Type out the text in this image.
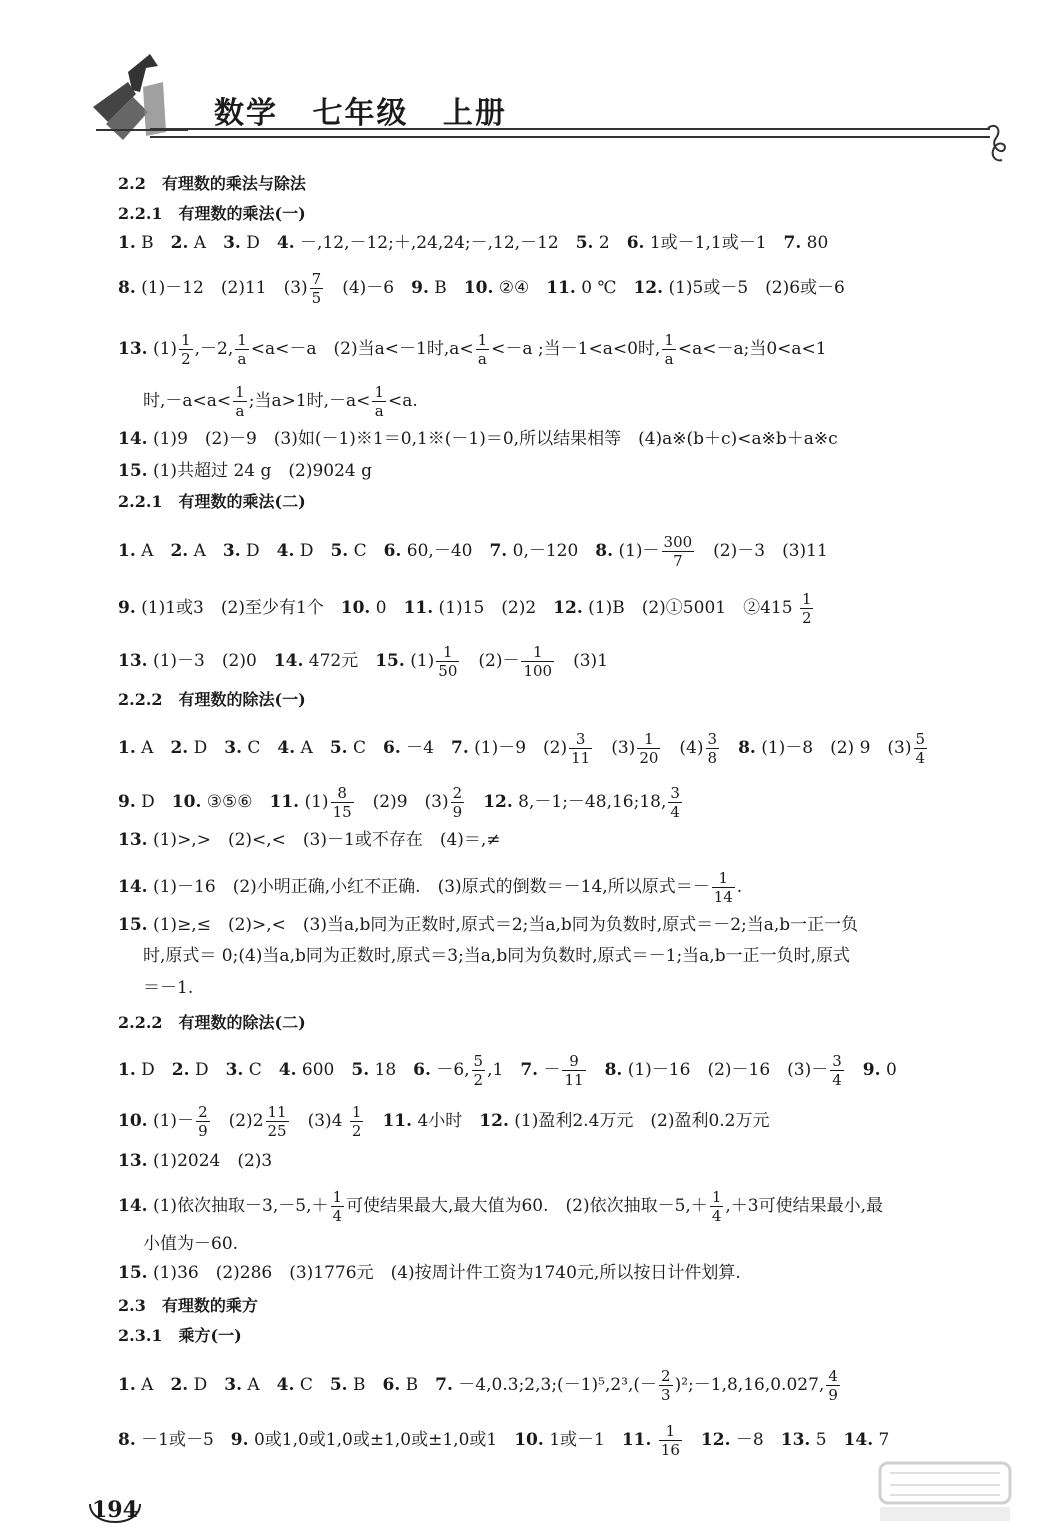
数学 七年级 上册
2.2　有理数的乘法与除法
2.2.1　有理数的乘法(一)
1. B　2. A　3. D　4. －,12,－12;＋,24,24;－,12,－12　5. 2　6. 1或－1,1或－1　7. 80
8. (1)－12　(2)11　$(3) \frac{7}{5}$ 　(4)－6　9. B　10. ②④　11. 0 ℃　12. (1)5或－5　(2)6或－6
13. $(1) \frac{1}{2} ,-2$, $\frac{1}{a} <a<-a$　(2)当a<－1时$,a< \frac{1}{a} <-a$ ;当－1<a<0时, $\frac{1}{a} <a<-a$;当0<a<1
时$,-a<a< \frac{1}{a}$ ;当a>1时$,-a< \frac{1}{a} <a$.
14. (1)9　(2)－9　(3)如(－1)※1＝0,1※(－1)＝0,所以结果相等　(4)a※(b＋c)<a※b＋a※c
15. (1)共超过 24 g　(2)9024 g
2.2.1　有理数的乘法(二)
1. A　2. A　3. D　4. D　5. C　6. 60,－40　7. 0,－120　8. $(1)- \frac{300}{7}$ 　(2)－3　(3)11
9. (1)1或3　(2)至少有1个　10. 0　11. (1)15　(2)2　12. (1)B　(2)①5001　②415 $\frac{1}{2}$
13. (1)－3　(2)0　14. 472元　15. $(1) \frac{1}{50}$ 　$(2)- \frac{1}{100}$ 　(3)1
2.2.2　有理数的除法(一)
1. A　2. D　3. C　4. A　5. C　6. －4　7. (1)－9　$(2) \frac{3}{11}$ 　$(3) \frac{1}{20}$ 　$(4) \frac{3}{8}$
　 8. (1)－8　(2) 9　$(3) \frac{5}{4}$
9. D　10. ③⑤⑥　11. $(1) \frac{8}{15}$ 　(2)9　$(3) \frac{2}{9}$
　 12. 8,－1;－48,16;18, $\frac{3}{4}$
13. (1)>,>　(2)<,<　(3)－1或不存在　(4)＝,≠
14. (1)－16　(2)小明正确,小红不正确.　(3)原式的倒数＝－14,所以原式＝－ $\frac{1}{14}$ .
15. (1)≥,≤　(2)>,<　(3)当a,b同为正数时,原式＝2;当a,b同为负数时,原式＝－2;当a,b一正一负
时,原式＝ 0;(4)当a,b同为正数时,原式＝3;当a,b同为负数时,原式＝－1;当a,b一正一负时,原式
＝－1.
2.2.2　有理数的除法(二)
1. D　2. D　3. C　4. 600　5. 18　6. －6, $\frac{5}{2} ,1$　7. － $\frac{9}{11}$
　 8. (1)－16　(2)－16　$(3)- \frac{3}{4}$
　 9. 0
10. $(1)- \frac{2}{9}$ 　$(2)2 \frac{11}{25}$ 　$(3)4 \frac{1}{2}$
　 11. 4小时　12. (1)盈利2.4万元　(2)盈利0.2万元
13. (1)2024　(2)3
14. (1)依次抽取$-3,-5,+ \frac{1}{4}$ 可使结果最大,最大值为60.　(2)依次抽取$-5,+ \frac{1}{4} ,+3$可使结果最小,最
小值为－60.
15. (1)36　(2)286　(3)1776元　(4)按周计件工资为1740元,所以按日计件划算.
2.3　有理数的乘方
2.3.1　乘方(一)
1. A　2. D　3. A　4. C　5. B　6. B　7. －4,0.3;2,3;(－1)⁵,2³,(－ $\frac{2}{3}$ )²;－1,8,16,0.027, $\frac{4}{9}$
8. －1或－5　9. 0或1,0或1,0或±1,0或±1,0或1　10. 1或－1　11. $\frac{1}{16}$
　 12. －8　13. 5　14. 7
194
